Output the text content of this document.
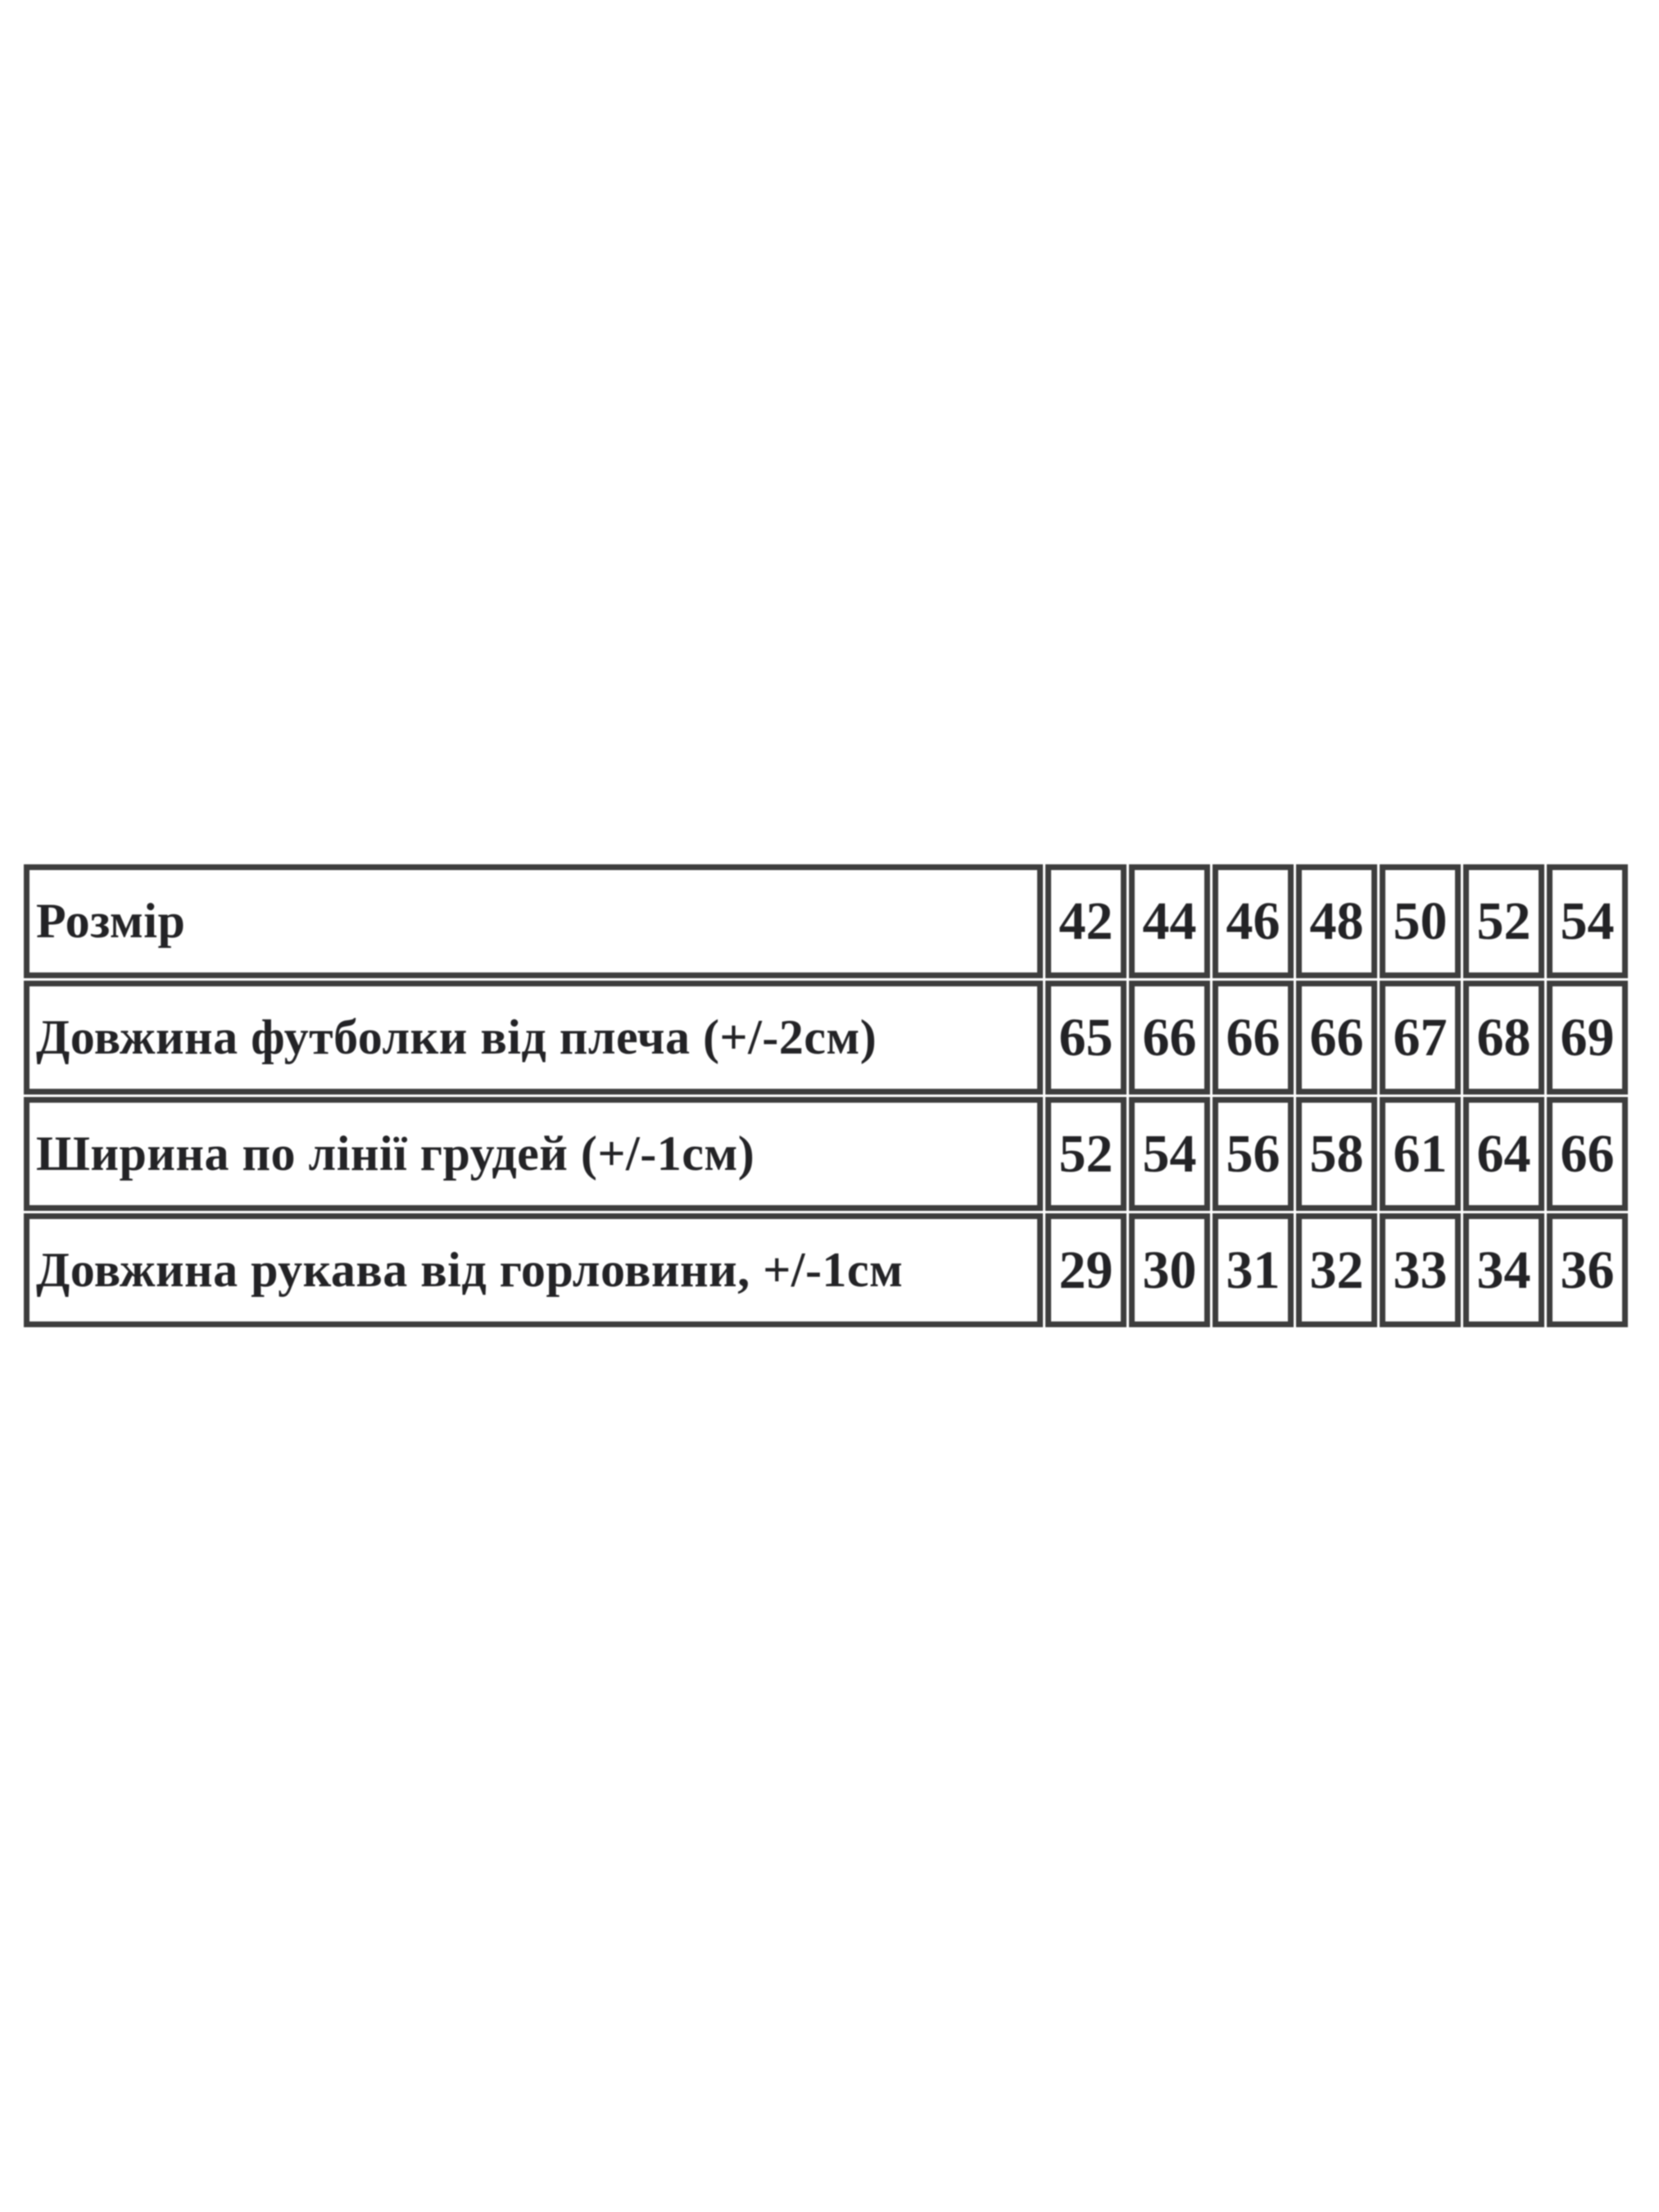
Розмір	42	44	46	48	50	52	54
Довжина футболки від плеча (+/-2см)	65	66	66	66	67	68	69
Ширина по лінії грудей (+/-1см)	52	54	56	58	61	64	66
Довжина рукава від горловини, +/-1см	29	30	31	32	33	34	36
